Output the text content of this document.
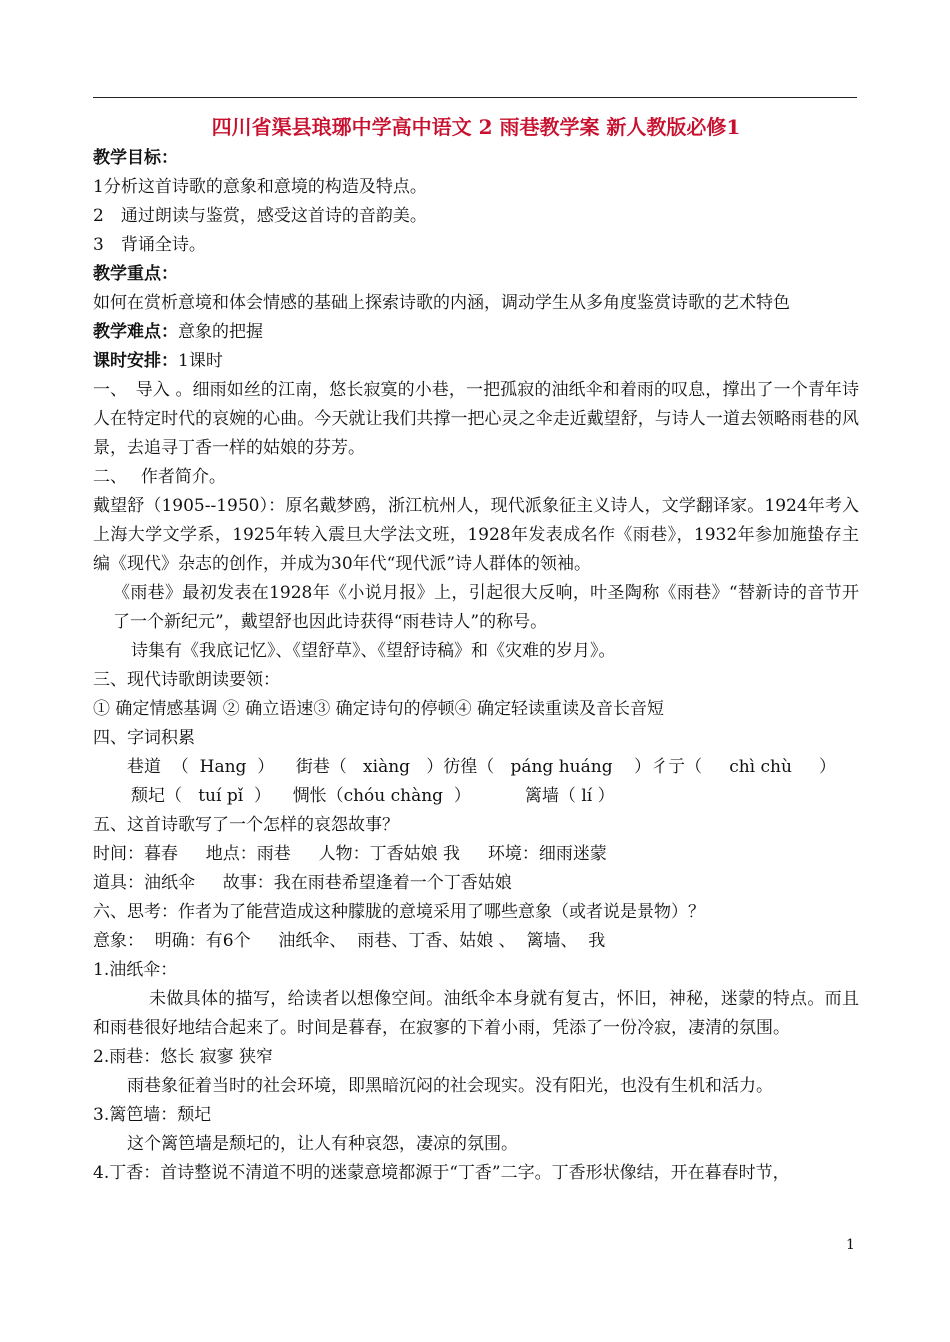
四川省渠县琅琊中学高中语文 2 雨巷教学案 新人教版必修1

教学目标：

1分析这首诗歌的意象和意境的构造及特点。

2　通过朗读与鉴赏，感受这首诗的音韵美。

3　背诵全诗。

教学重点：

如何在赏析意境和体会情感的基础上探索诗歌的内涵，调动学生从多角度鉴赏诗歌的艺术特色

教学难点：意象的把握

课时安排：1课时

一、　导入 。细雨如丝的江南，悠长寂寞的小巷，一把孤寂的油纸伞和着雨的叹息，撑出了一个青年诗人在特定时代的哀婉的心曲。今天就让我们共撑一把心灵之伞走近戴望舒，与诗人一道去领略雨巷的风景，去追寻丁香一样的姑娘的芬芳。

二、　 作者简介。

戴望舒（1905--1950）：原名戴梦鸥，浙江杭州人，现代派象征主义诗人，文学翻译家。1924年考入上海大学文学系，1925年转入震旦大学法文班，1928年发表成名作《雨巷》，1932年参加施蛰存主编《现代》杂志的创作，并成为30年代“现代派”诗人群体的领袖。

《雨巷》最初发表在1928年《小说月报》上，引起很大反响，叶圣陶称《雨巷》“替新诗的音节开了一个新纪元”，戴望舒也因此诗获得“雨巷诗人”的称号。

诗集有《我底记忆》、《望舒草》、《望舒诗稿》和《灾难的岁月》。

三、现代诗歌朗读要领：

① 确定情感基调 ② 确立语速③ 确定诗句的停顿④ 确定轻读重读及音长音短

四、字词积累

巷道  （  Hang  ）    街巷（   xiàng   ）彷徨（   páng huáng    ）彳亍（     chì chù     ）

颓圮（   tuí pǐ  ）    惆怅（chóu chàng  ）          篱墙（ lí ）

五、这首诗歌写了一个怎样的哀怨故事？

时间：暮春　  地点：雨巷　  人物：丁香姑娘 我　  环境：细雨迷蒙

道具：油纸伞　  故事：我在雨巷希望逢着一个丁香姑娘

六、思考：作者为了能营造成这种朦胧的意境采用了哪些意象（或者说是景物）？

意象：  明确：有6个　  油纸伞、  雨巷、丁香、姑娘 、  篱墙、  我

1.油纸伞：

未做具体的描写，给读者以想像空间。油纸伞本身就有复古，怀旧，神秘，迷蒙的特点。而且和雨巷很好地结合起来了。时间是暮春，在寂寥的下着小雨，凭添了一份冷寂，凄清的氛围。

2.雨巷：悠长 寂寥 狭窄

雨巷象征着当时的社会环境，即黑暗沉闷的社会现实。没有阳光，也没有生机和活力。

3.篱笆墙：颓圮

这个篱笆墙是颓圮的，让人有种哀怨，凄凉的氛围。

4.丁香：首诗整说不清道不明的迷蒙意境都源于“丁香”二字。丁香形状像结，开在暮春时节，

1
